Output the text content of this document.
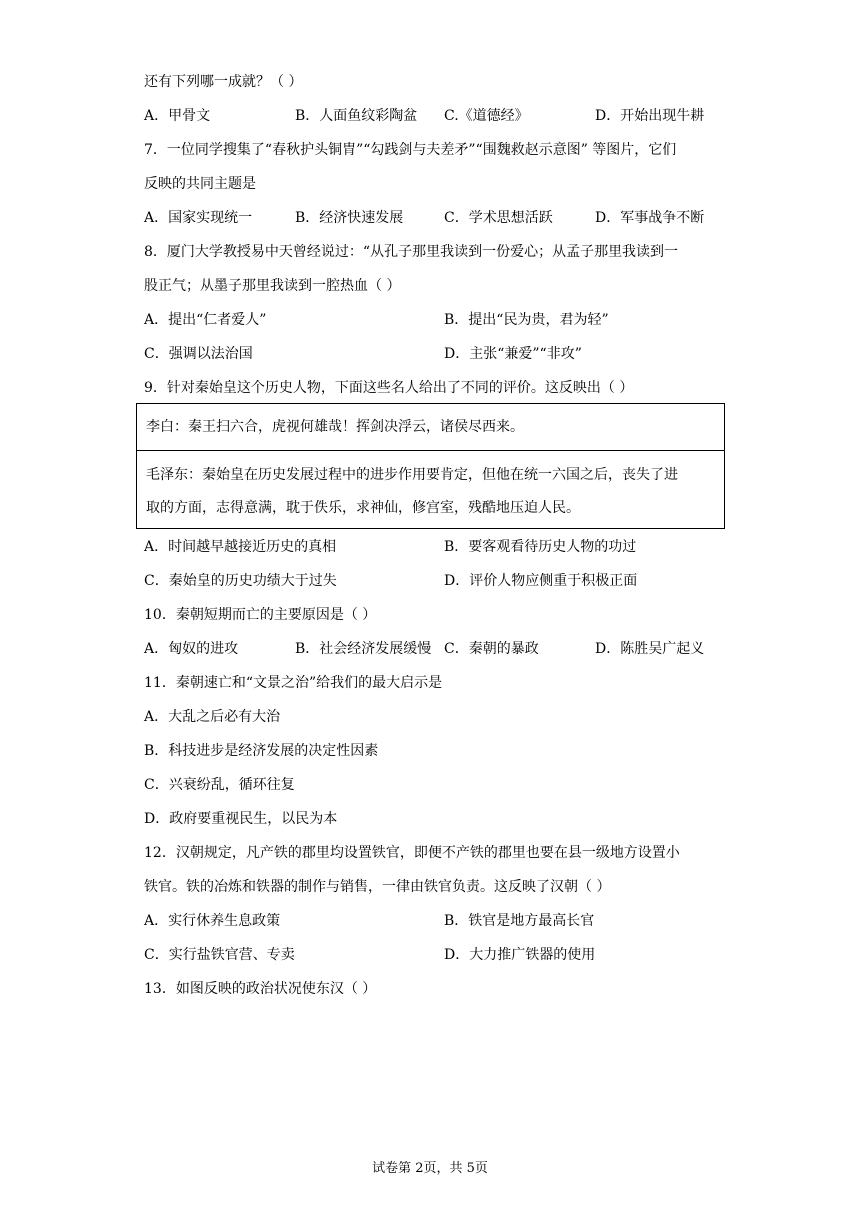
还有下列哪一成就？（ ）
A．甲骨文	B．人面鱼纹彩陶盆 C.《道德经》	D．开始出现牛耕
7．一位同学搜集了“春秋护头铜胄”“勾践剑与夫差矛”“围魏救赵示意图” 等图片，它们
反映的共同主题是
A．国家实现统一	B．经济快速发展	C．学术思想活跃	D．军事战争不断
8．厦门大学教授易中天曾经说过：“从孔子那里我读到一份爱心；从孟子那里我读到一
股正气；从墨子那里我读到一腔热血（ ）
A．提出“仁者爱人”	B．提出“民为贵，君为轻”
C．强调以法治国	D．主张“兼爱”“非攻”
9．针对秦始皇这个历史人物，下面这些名人给出了不同的评价。这反映出（ ）
李白：秦王扫六合，虎视何雄哉！挥剑决浮云，诸侯尽西来。
毛泽东：秦始皇在历史发展过程中的进步作用要肯定，但他在统一六国之后，丧失了进
取的方面，志得意满，耽于佚乐，求神仙，修宫室，残酷地压迫人民。
A．时间越早越接近历史的真相	B．要客观看待历史人物的功过
C．秦始皇的历史功绩大于过失	D．评价人物应侧重于积极正面
10．秦朝短期而亡的主要原因是（ ）
A．匈奴的进攻	B．社会经济发展缓慢 C．秦朝的暴政	D．陈胜吴广起义
11．秦朝速亡和“文景之治”给我们的最大启示是
A．大乱之后必有大治
B．科技进步是经济发展的决定性因素
C．兴衰纷乱，循环往复
D．政府要重视民生，以民为本
12．汉朝规定，凡产铁的郡里均设置铁官，即便不产铁的郡里也要在县一级地方设置小
铁官。铁的冶炼和铁器的制作与销售，一律由铁官负责。这反映了汉朝（ ）
A．实行休养生息政策	B．铁官是地方最高长官
C．实行盐铁官营、专卖	D．大力推广铁器的使用
13．如图反映的政治状况使东汉（ ）
试卷第 2页，共 5页
